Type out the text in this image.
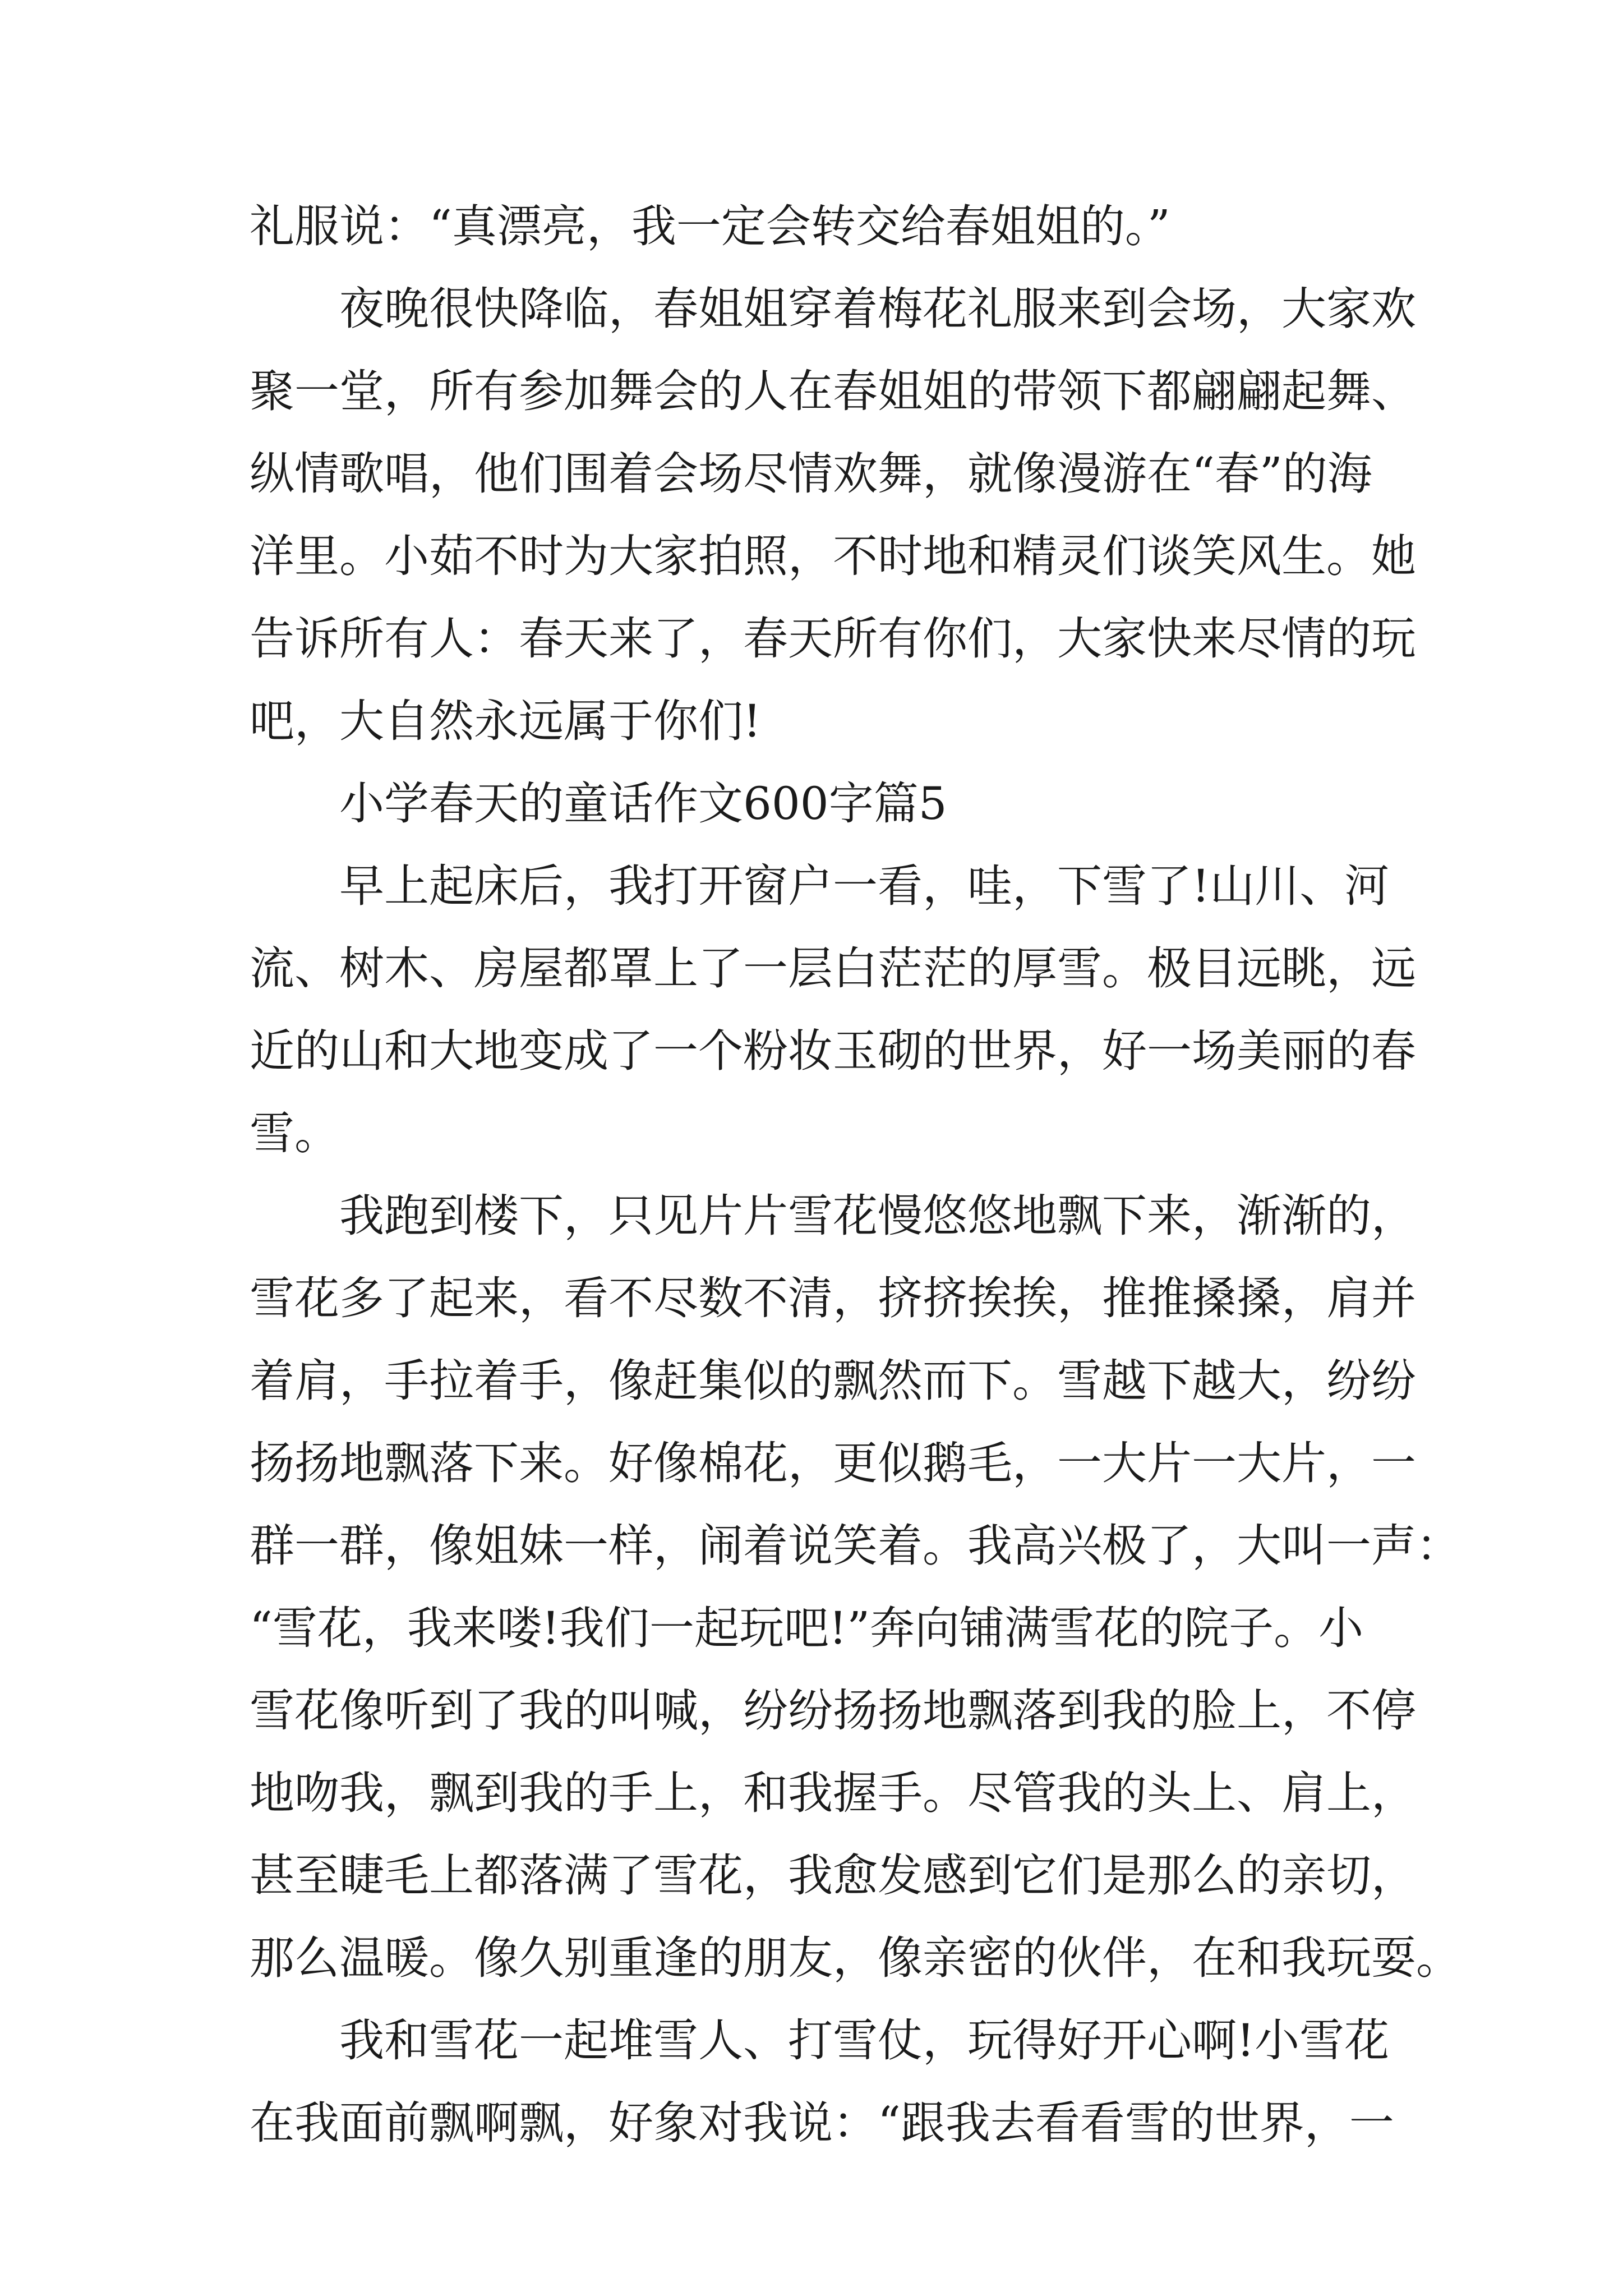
礼服说：“真漂亮，我一定会转交给春姐姐的。”
夜晚很快降临，春姐姐穿着梅花礼服来到会场，大家欢
聚一堂，所有参加舞会的人在春姐姐的带领下都翩翩起舞、
纵情歌唱，他们围着会场尽情欢舞，就像漫游在“春”的海
洋里。小茹不时为大家拍照，不时地和精灵们谈笑风生。她
告诉所有人：春天来了，春天所有你们，大家快来尽情的玩
吧，大自然永远属于你们!
小学春天的童话作文600字篇5
早上起床后，我打开窗户一看，哇，下雪了!山川、河
流、树木、房屋都罩上了一层白茫茫的厚雪。极目远眺，远
近的山和大地变成了一个粉妆玉砌的世界，好一场美丽的春
雪。
我跑到楼下，只见片片雪花慢悠悠地飘下来，渐渐的，
雪花多了起来，看不尽数不清，挤挤挨挨，推推搡搡，肩并
着肩，手拉着手，像赶集似的飘然而下。雪越下越大，纷纷
扬扬地飘落下来。好像棉花，更似鹅毛，一大片一大片，一
群一群，像姐妹一样，闹着说笑着。我高兴极了，大叫一声：
“雪花，我来喽!我们一起玩吧!”奔向铺满雪花的院子。小
雪花像听到了我的叫喊，纷纷扬扬地飘落到我的脸上，不停
地吻我，飘到我的手上，和我握手。尽管我的头上、肩上，
甚至睫毛上都落满了雪花，我愈发感到它们是那么的亲切，
那么温暖。像久别重逢的朋友，像亲密的伙伴，在和我玩耍。
我和雪花一起堆雪人、打雪仗，玩得好开心啊!小雪花
在我面前飘啊飘，好象对我说：“跟我去看看雪的世界，一
